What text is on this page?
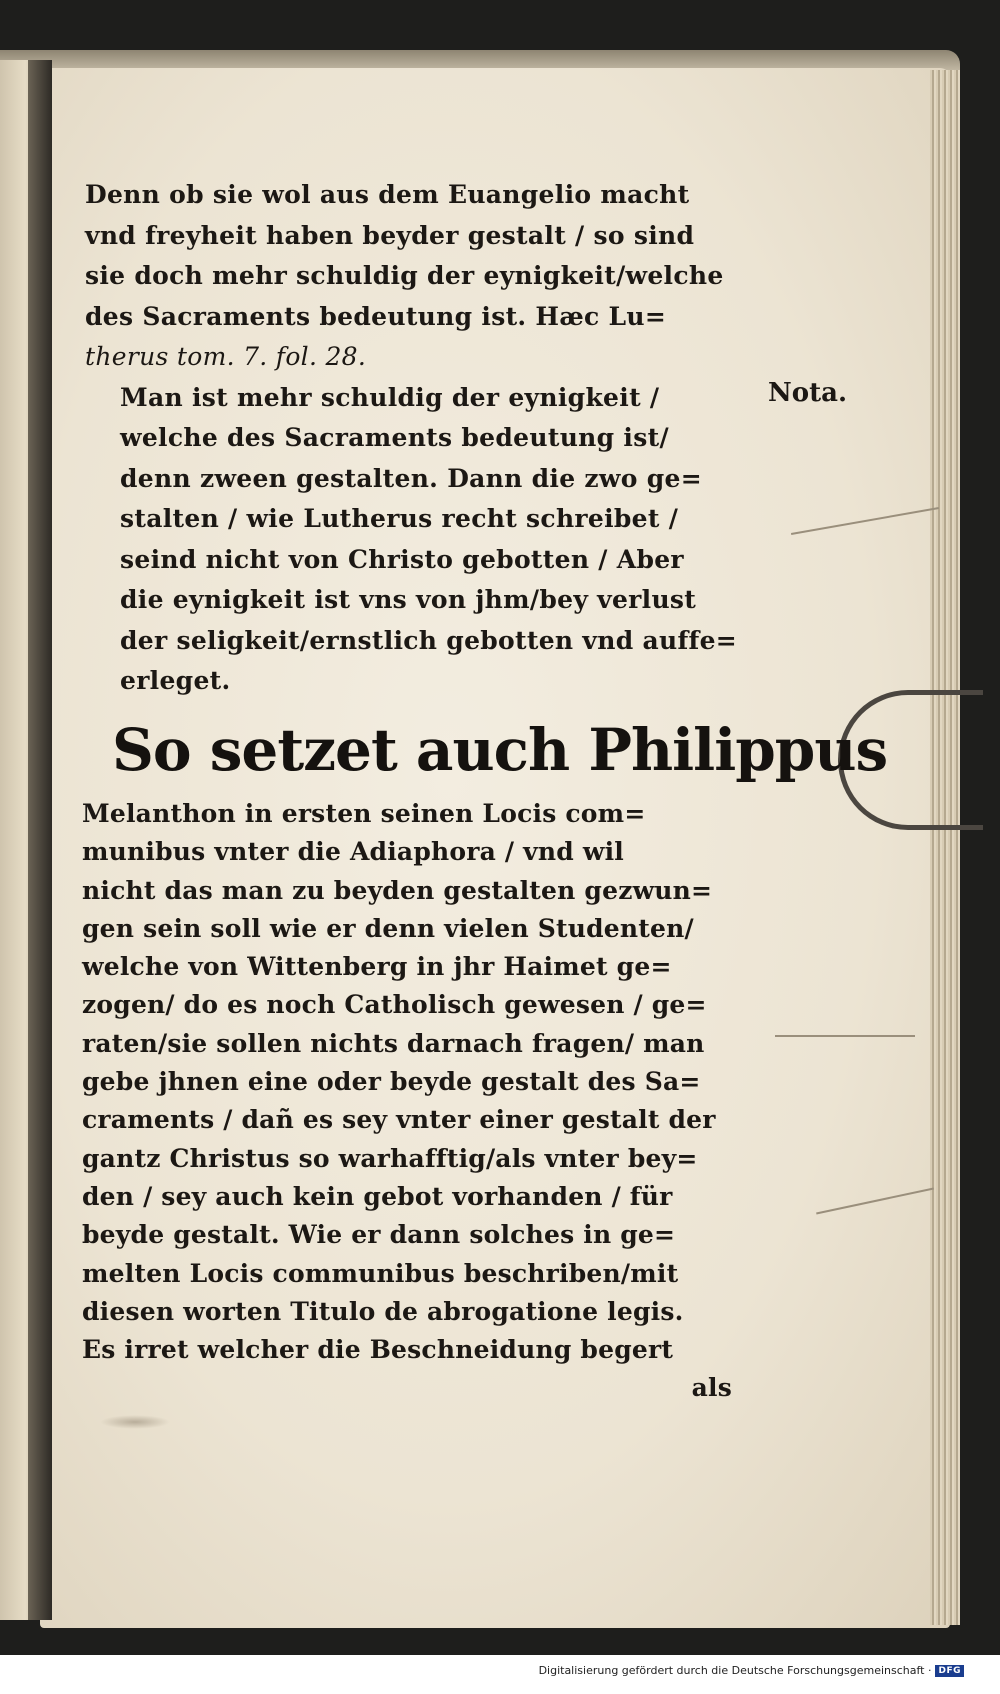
Denn ob sie wol aus dem Euangelio macht
vnd freyheit haben beyder gestalt / so sind
sie doch mehr schuldig der eynigkeit/welche
des Sacraments bedeutung ist. Hæc Lu=
therus tom. 7. fol. 28.
Man ist mehr schuldig der eynigkeit /
welche des Sacraments bedeutung ist/
denn zween gestalten. Dann die zwo ge=
stalten / wie Lutherus recht schreibet /
seind nicht von Christo gebotten / Aber
die eynigkeit ist vns von jhm/bey verlust
der seligkeit/ernstlich gebotten vnd auffe=
erleget.
Nota.
So setzet auch Philippus
Melanthon in ersten seinen Locis com=
munibus vnter die Adiaphora / vnd wil
nicht das man zu beyden gestalten gezwun=
gen sein soll wie er denn vielen Studenten/
welche von Wittenberg in jhr Haimet ge=
zogen/ do es noch Catholisch gewesen / ge=
raten/sie sollen nichts darnach fragen/ man
gebe jhnen eine oder beyde gestalt des Sa=
craments / dañ es sey vnter einer gestalt der
gantz Christus so warhafftig/als vnter bey=
den / sey auch kein gebot vorhanden / für
beyde gestalt. Wie er dann solches in ge=
melten Locis communibus beschriben/mit
diesen worten Titulo de abrogatione legis.
Es irret welcher die Beschneidung begert
als
Digitalisierung gefördert durch die Deutsche Forschungsgemeinschaft · DFG
